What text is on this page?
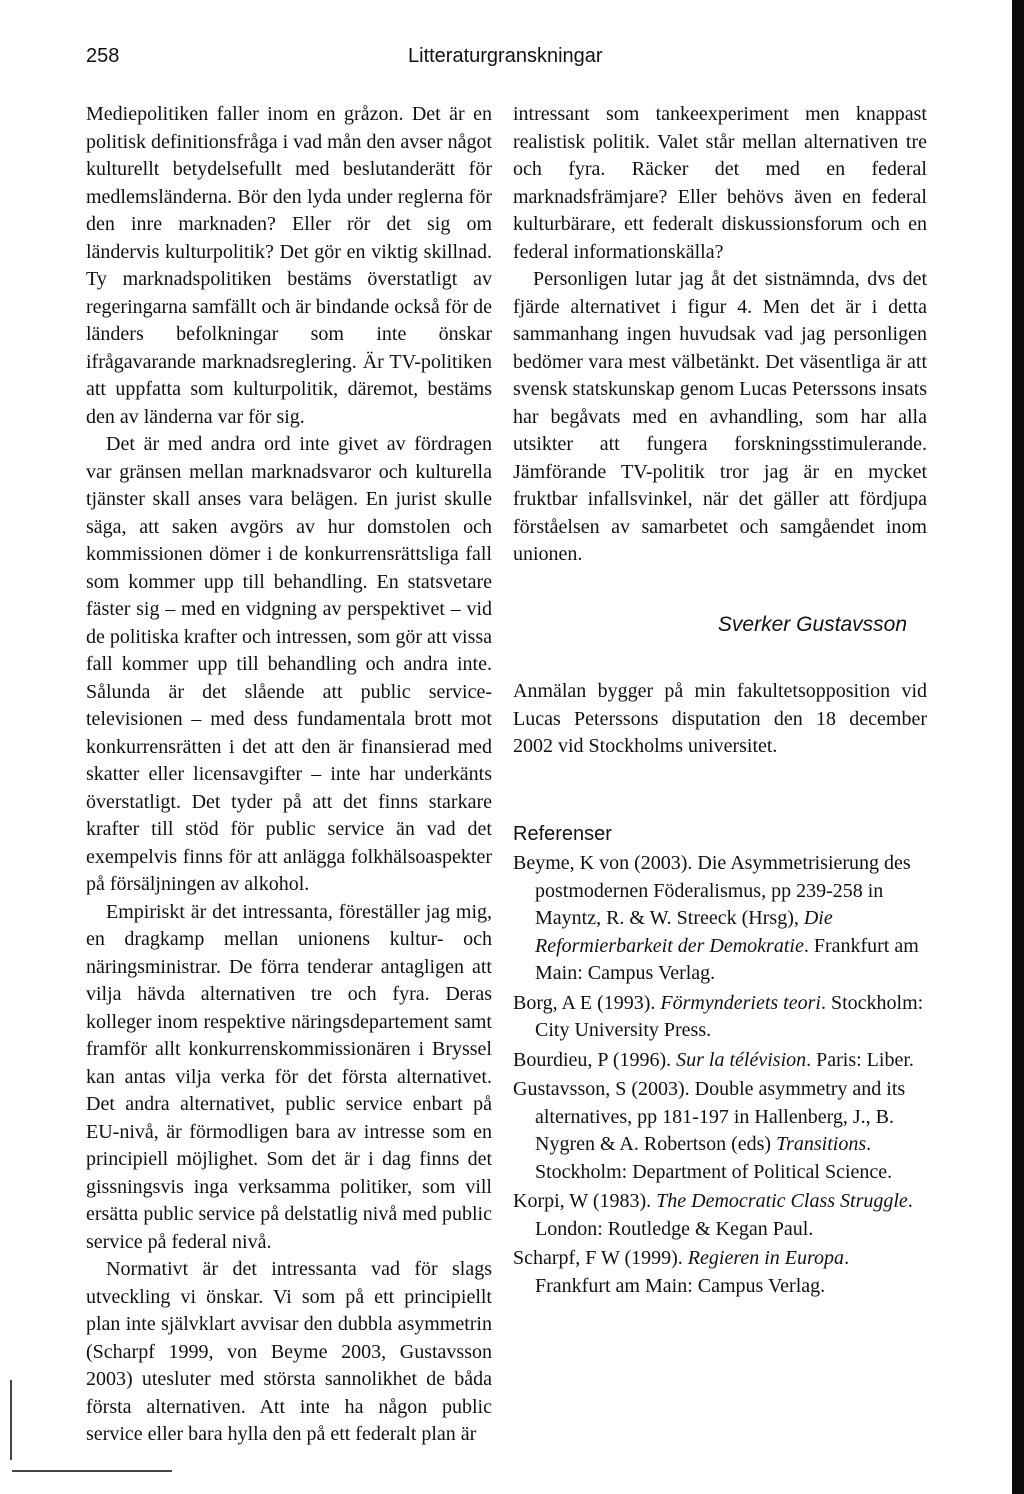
258	Litteraturgranskningar

Mediepolitiken faller inom en gråzon. Det är en politisk definitionsfråga i vad mån den avser något kulturellt betydelsefullt med beslutanderätt för medlemsländerna. Bör den lyda under reglerna för den inre marknaden? Eller rör det sig om ländervis kulturpolitik? Det gör en viktig skillnad. Ty marknadspolitiken bestäms överstatligt av regeringarna samfällt och är bindande också för de länders befolkningar som inte önskar ifrågavarande marknadsreglering. Är TV-politiken att uppfatta som kulturpolitik, däremot, bestäms den av länderna var för sig.

Det är med andra ord inte givet av fördragen var gränsen mellan marknadsvaror och kulturella tjänster skall anses vara belägen. En jurist skulle säga, att saken avgörs av hur domstolen och kommissionen dömer i de konkurrensrättsliga fall som kommer upp till behandling. En statsvetare fäster sig – med en vidgning av perspektivet – vid de politiska krafter och intressen, som gör att vissa fall kommer upp till behandling och andra inte. Sålunda är det slående att public service-televisionen – med dess fundamentala brott mot konkurrensrätten i det att den är finansierad med skatter eller licensavgifter – inte har underkänts överstatligt. Det tyder på att det finns starkare krafter till stöd för public service än vad det exempelvis finns för att anlägga folkhälsoaspekter på försäljningen av alkohol.

Empiriskt är det intressanta, föreställer jag mig, en dragkamp mellan unionens kultur- och näringsministrar. De förra tenderar antagligen att vilja hävda alternativen tre och fyra. Deras kolleger inom respektive näringsdepartement samt framför allt konkurrenskommissionären i Bryssel kan antas vilja verka för det första alternativet. Det andra alternativet, public service enbart på EU-nivå, är förmodligen bara av intresse som en principiell möjlighet. Som det är i dag finns det gissningsvis inga verksamma politiker, som vill ersätta public service på delstatlig nivå med public service på federal nivå.

Normativt är det intressanta vad för slags utveckling vi önskar. Vi som på ett principiellt plan inte självklart avvisar den dubbla asymmetrin (Scharpf 1999, von Beyme 2003, Gustavsson 2003) utesluter med största sannolikhet de båda första alternativen. Att inte ha någon public service eller bara hylla den på ett federalt plan är

intressant som tankeexperiment men knappast realistisk politik. Valet står mellan alternativen tre och fyra. Räcker det med en federal marknadsfrämjare? Eller behövs även en federal kulturbärare, ett federalt diskussionsforum och en federal informationskälla?

Personligen lutar jag åt det sistnämnda, dvs det fjärde alternativet i figur 4. Men det är i detta sammanhang ingen huvudsak vad jag personligen bedömer vara mest välbetänkt. Det väsentliga är att svensk statskunskap genom Lucas Peterssons insats har begåvats med en avhandling, som har alla utsikter att fungera forskningsstimulerande. Jämförande TV-politik tror jag är en mycket fruktbar infallsvinkel, när det gäller att fördjupa förståelsen av samarbetet och samgåendet inom unionen.

Sverker Gustavsson

Anmälan bygger på min fakultetsopposition vid Lucas Peterssons disputation den 18 december 2002 vid Stockholms universitet.

Referenser

Beyme, K von (2003). Die Asymmetrisierung des postmodernen Föderalismus, pp 239-258 in Mayntz, R. & W. Streeck (Hrsg), Die Reformierbarkeit der Demokratie. Frankfurt am Main: Campus Verlag.

Borg, A E (1993). Förmynderiets teori. Stockholm: City University Press.

Bourdieu, P (1996). Sur la télévision. Paris: Liber.

Gustavsson, S (2003). Double asymmetry and its alternatives, pp 181-197 in Hallenberg, J., B. Nygren & A. Robertson (eds) Transitions. Stockholm: Department of Political Science.

Korpi, W (1983). The Democratic Class Struggle. London: Routledge & Kegan Paul.

Scharpf, F W (1999). Regieren in Europa. Frankfurt am Main: Campus Verlag.
